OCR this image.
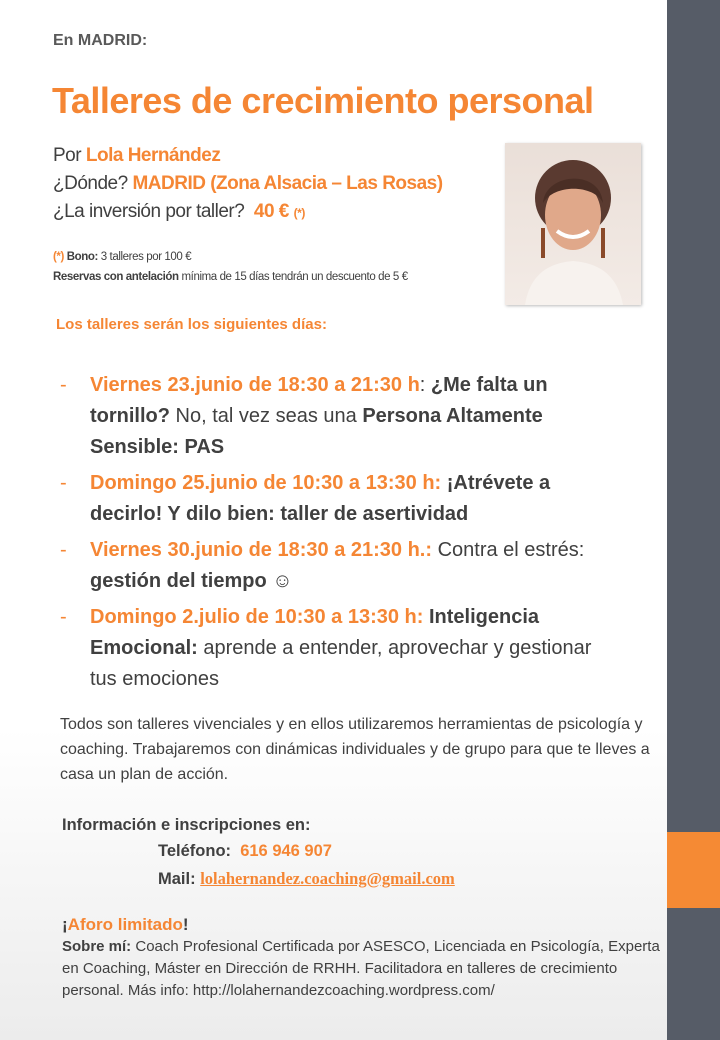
En MADRID:
Talleres de crecimiento personal
Por Lola Hernández
¿Dónde? MADRID (Zona Alsacia – Las Rosas)
¿La inversión por taller? 40 € (*)
(*) Bono: 3 talleres por 100 €
Reservas con antelación mínima de 15 días tendrán un descuento de 5 €
Los talleres serán los siguientes días:
- Viernes 23.junio de 18:30 a 21:30 h: ¿Me falta un tornillo? No, tal vez seas una Persona Altamente Sensible: PAS
- Domingo 25.junio de 10:30 a 13:30 h: ¡Atrévete a decirlo! Y dilo bien: taller de asertividad
- Viernes 30.junio de 18:30 a 21:30 h.: Contra el estrés: gestión del tiempo ☺
- Domingo 2.julio de 10:30 a 13:30 h: Inteligencia Emocional: aprende a entender, aprovechar y gestionar tus emociones

Todos son talleres vivenciales y en ellos utilizaremos herramientas de psicología y coaching. Trabajaremos con dinámicas individuales y de grupo para que te lleves a casa un plan de acción.

Información e inscripciones en:
Teléfono: 616 946 907
Mail: lolahernandez.coaching@gmail.com
¡Aforo limitado!
Sobre mí: Coach Profesional Certificada por ASESCO, Licenciada en Psicología, Experta en Coaching, Máster en Dirección de RRHH. Facilitadora en talleres de crecimiento personal. Más info: http://lolahernandezcoaching.wordpress.com/
